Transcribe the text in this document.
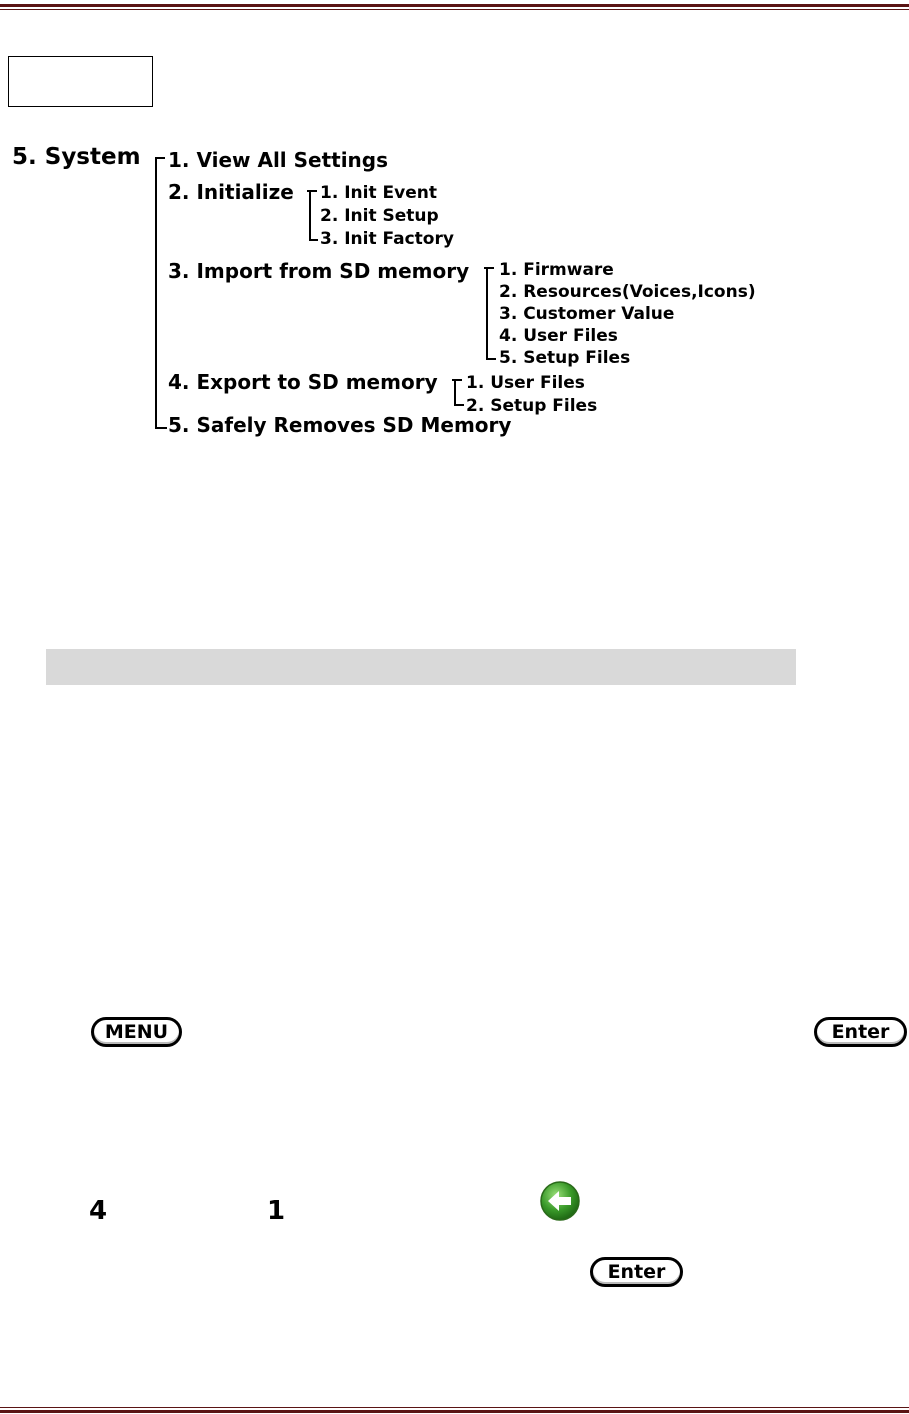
5. System 1. View All Settings
2. Initialize
3. Import from SD memory
4. Export to SD memory
5. Safely Removes SD Memory
1. Init Event
2. Init Setup
3. Init Factory
1. Firmware
2. Resources(Voices,Icons)
3. Customer Value
4. User Files
5. Setup Files
1. User Files
2. Setup Files
MENU	Enter
4	1
Enter
